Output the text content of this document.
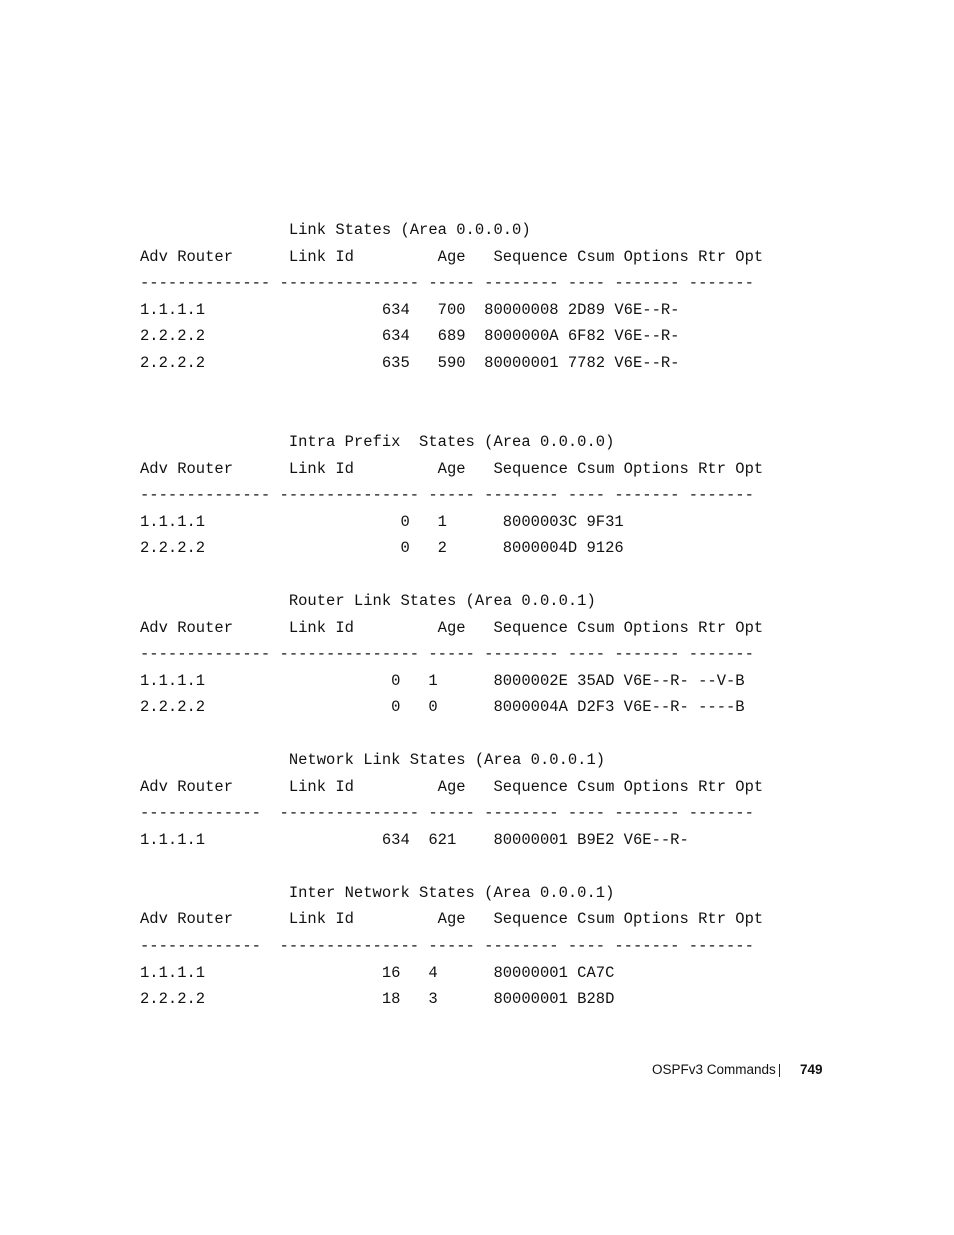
Link States (Area 0.0.0.0)
Adv Router      Link Id         Age   Sequence Csum Options Rtr Opt
-------------- --------------- ----- -------- ---- ------- -------
1.1.1.1                   634   700  80000008 2D89 V6E--R-
2.2.2.2                   634   689  8000000A 6F82 V6E--R-
2.2.2.2                   635   590  80000001 7782 V6E--R-
Intra Prefix  States (Area 0.0.0.0)
Adv Router      Link Id         Age   Sequence Csum Options Rtr Opt
-------------- --------------- ----- -------- ---- ------- -------
1.1.1.1                     0   1      8000003C 9F31
2.2.2.2                     0   2      8000004D 9126
Router Link States (Area 0.0.0.1)
Adv Router      Link Id         Age   Sequence Csum Options Rtr Opt
-------------- --------------- ----- -------- ---- ------- -------
1.1.1.1                    0   1      8000002E 35AD V6E--R- --V-B
2.2.2.2                    0   0      8000004A D2F3 V6E--R- ----B
Network Link States (Area 0.0.0.1)
Adv Router      Link Id         Age   Sequence Csum Options Rtr Opt
-------------  --------------- ----- -------- ---- ------- -------
1.1.1.1                   634  621    80000001 B9E2 V6E--R-
Inter Network States (Area 0.0.0.1)
Adv Router      Link Id         Age   Sequence Csum Options Rtr Opt
-------------  --------------- ----- -------- ---- ------- -------
1.1.1.1                   16   4      80000001 CA7C
2.2.2.2                   18   3      80000001 B28D
OSPFv3 Commands 749
